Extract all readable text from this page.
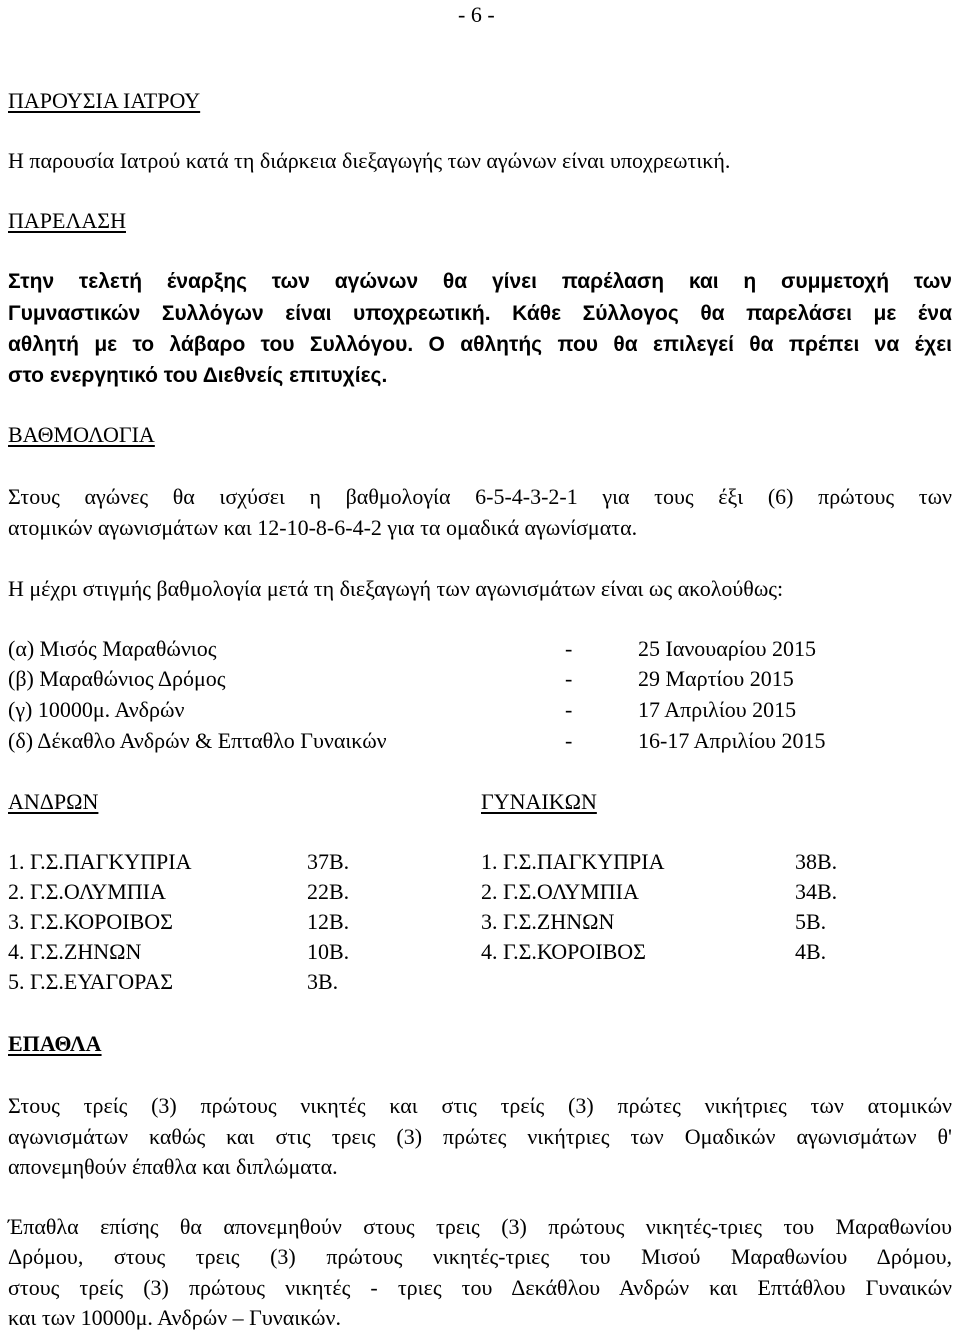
- 6 -
ΠΑΡΟΥΣΙΑ ΙΑΤΡΟΥ
Η παρουσία Ιατρού κατά τη διάρκεια διεξαγωγής των αγώνων είναι υποχρεωτική.
ΠΑΡΕΛΑΣΗ
Στην τελετή έναρξης των αγώνων θα γίνει παρέλαση και η συμμετοχή των
Γυμναστικών Συλλόγων είναι υποχρεωτική. Κάθε Σύλλογος θα παρελάσει με ένα
αθλητή με το λάβαρο του Συλλόγου. Ο αθλητής που θα επιλεγεί θα πρέπει να έχει
στο ενεργητικό του Διεθνείς επιτυχίες.
ΒΑΘΜΟΛΟΓΙΑ
Στους αγώνες θα ισχύσει η βαθμολογία 6-5-4-3-2-1 για τους έξι (6) πρώτους των
ατομικών αγωνισμάτων και 12-10-8-6-4-2 για τα ομαδικά αγωνίσματα.
Η μέχρι στιγμής βαθμολογία μετά τη διεξαγωγή των αγωνισμάτων είναι ως ακολούθως:
(α) Μισός Μαραθώνιος	-	25 Ιανουαρίου 2015
(β) Μαραθώνιος Δρόμος	-	29 Μαρτίου 2015
(γ) 10000μ. Ανδρών	-	17 Απριλίου 2015
(δ) Δέκαθλο Ανδρών & Επταθλο Γυναικών	-	16-17 Απριλίου 2015
ΑΝΔΡΩΝ	ΓΥΝΑΙΚΩΝ
1. Γ.Σ.ΠΑΓΚΥΠΡΙΑ	37Β.
2. Γ.Σ.ΟΛΥΜΠΙΑ	22Β.
3. Γ.Σ.ΚΟΡΟΙΒΟΣ	12Β.
4. Γ.Σ.ΖΗΝΩΝ	10Β.
5. Γ.Σ.ΕΥΑΓΟΡΑΣ	3Β.
1. Γ.Σ.ΠΑΓΚΥΠΡΙΑ	38Β.
2. Γ.Σ.ΟΛΥΜΠΙΑ	34Β.
3. Γ.Σ.ΖΗΝΩΝ	5Β.
4. Γ.Σ.ΚΟΡΟΙΒΟΣ	4Β.
ΕΠΑΘΛΑ
Στους τρείς (3) πρώτους νικητές και στις τρείς (3) πρώτες νικήτριες των ατομικών
αγωνισμάτων καθώς και στις τρεις (3) πρώτες νικήτριες των Ομαδικών αγωνισμάτων θ'
απονεμηθούν έπαθλα και διπλώματα.
Έπαθλα επίσης θα απονεμηθούν στους τρεις (3) πρώτους νικητές-τριες του Μαραθωνίου
Δρόμου, στους τρεις (3) πρώτους νικητές-τριες του Μισού Μαραθωνίου Δρόμου,
στους τρείς (3) πρώτους νικητές - τριες του Δεκάθλου Ανδρών και Επτάθλου Γυναικών
και των 10000μ. Ανδρών – Γυναικών.
